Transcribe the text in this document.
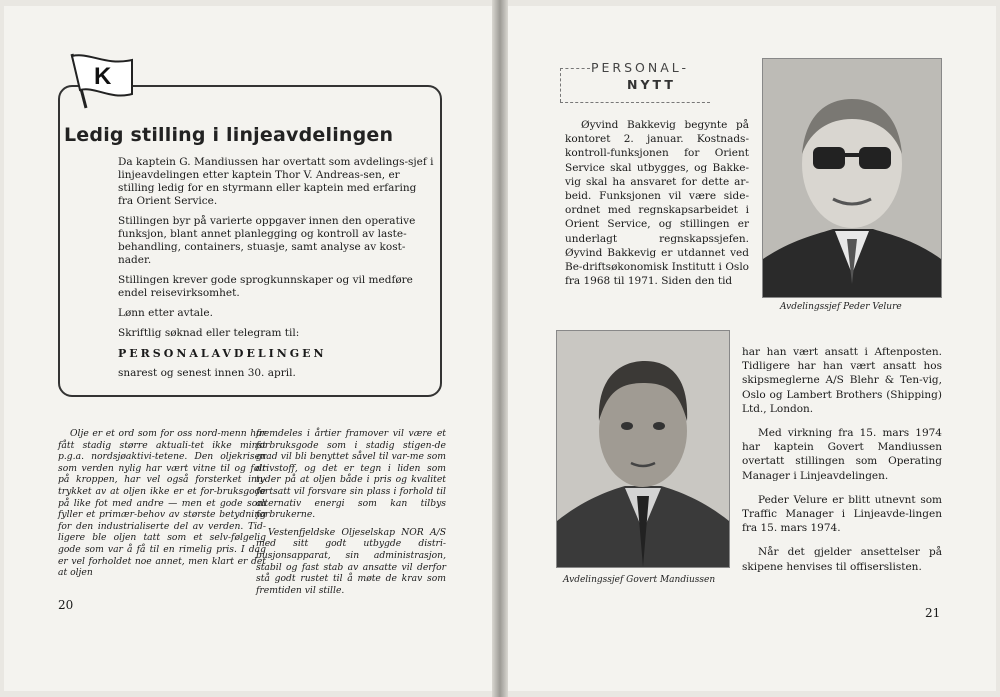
K
Ledig stilling i linjeavdelingen

Da kaptein G. Mandiussen har overtatt som avdelings-sjef i linjeavdelingen etter kaptein Thor V. Andreas-sen, er stilling ledig for en styrmann eller kaptein med erfaring fra Orient Service.

Stillingen byr på varierte oppgaver innen den operative funksjon, blant annet planlegging og kontroll av laste-behandling, containers, stuasje, samt analyse av kost-nader.

Stillingen krever gode sprogkunnskaper og vil medføre endel reisevirksomhet.

Lønn etter avtale.

Skriftlig søknad eller telegram til:

PERSONALAVDELINGEN

snarest og senest innen 30. april.

Olje er et ord som for oss nord-menn har fått stadig større aktuali-tet ikke minst p.g.a. nordsjøaktivi-tetene. Den oljekrisen som verden nylig har vært vitne til og følt på kroppen, har vel også forsterket inn-trykket av at oljen ikke er et for-bruksgode på like fot med andre — men et gode som fyller et primær-behov av største betydning for den industrialiserte del av verden. Tid-ligere ble oljen tatt som et selv-følgelig gode som var å få til en rimelig pris. I dag er vel forholdet noe annet, men klart er det at oljen

fremdeles i årtier framover vil være et forbruksgode som i stadig stigen-de grad vil bli benyttet såvel til var-me som drivstoff, og det er tegn i liden som tyder på at oljen både i pris og kvalitet fortsatt vil forsvare sin plass i forhold til alternativ energi som kan tilbys forbrukerne.

Vestenfjeldske Oljeselskap NOR A/S med sitt godt utbygde distri-busjonsapparat, sin administrasjon, stabil og fast stab av ansatte vil derfor stå godt rustet til å møte de krav som fremtiden vil stille.

20
PERSONAL-
NYTT

Øyvind Bakkevig begynte på kontoret 2. januar. Kostnads-kontroll-funksjonen for Orient Service skal utbygges, og Bakke-vig skal ha ansvaret for dette ar-beid. Funksjonen vil være side-ordnet med regnskapsarbeidet i Orient Service, og stillingen er underlagt regnskapssjefen. Øyvind Bakkevig er utdannet ved Be-driftsøkonomisk Institutt i Oslo fra 1968 til 1971. Siden den tid

Avdelingssjef Peder Velure
Avdelingssjef Govert Mandiussen

har han vært ansatt i Aftenposten. Tidligere har han vært ansatt hos skipsmeglerne A/S Blehr & Ten-vig, Oslo og Lambert Brothers (Shipping) Ltd., London.

Med virkning fra 15. mars 1974 har kaptein Govert Mandiussen overtatt stillingen som Operating Manager i Linjeavdelingen.

Peder Velure er blitt utnevnt som Traffic Manager i Linjeavde-lingen fra 15. mars 1974.

Når det gjelder ansettelser på skipene henvises til offiserslisten.

21
